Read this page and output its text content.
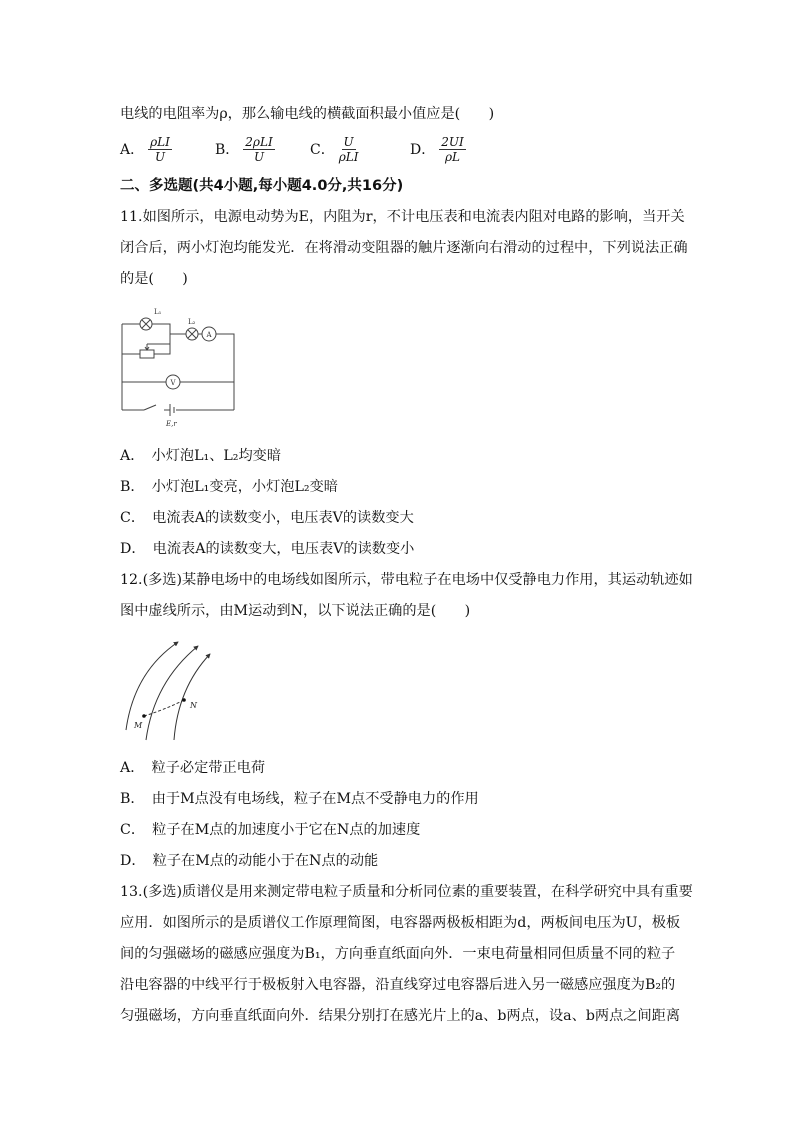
电线的电阻率为ρ，那么输电线的横截面积最小值应是(　　)
A． $\frac{\text{ρLI}}{U}$	B． $\frac{\text{2ρLI}}{U}$	C． $\frac{U}{\text{ρLI}}$	D． $\frac{2UI}{\rho L}$
二、多选题(共4小题,每小题4.0分,共16分)
11.如图所示，电源电动势为E，内阻为r，不计电压表和电流表内阻对电路的影响，当开关
闭合后，两小灯泡均能发光．在将滑动变阻器的触片逐渐向右滑动的过程中，下列说法正确
的是(　　)
L₁
L₂
A
V
E,r
A．　小灯泡L₁、L₂均变暗
B．　小灯泡L₁变亮，小灯泡L₂变暗
C．　电流表A的读数变小，电压表V的读数变大
D．　电流表A的读数变大，电压表V的读数变小
12.(多选)某静电场中的电场线如图所示，带电粒子在电场中仅受静电力作用，其运动轨迹如
图中虚线所示，由M运动到N，以下说法正确的是(　　)
M
N
A．　粒子必定带正电荷
B．　由于M点没有电场线，粒子在M点不受静电力的作用
C．　粒子在M点的加速度小于它在N点的加速度
D．　粒子在M点的动能小于在N点的动能
13.(多选)质谱仪是用来测定带电粒子质量和分析同位素的重要装置，在科学研究中具有重要
应用．如图所示的是质谱仪工作原理简图，电容器两极板相距为d，两板间电压为U，极板
间的匀强磁场的磁感应强度为B₁，方向垂直纸面向外．一束电荷量相同但质量不同的粒子
沿电容器的中线平行于极板射入电容器，沿直线穿过电容器后进入另一磁感应强度为B₂的
匀强磁场，方向垂直纸面向外．结果分别打在感光片上的a、b两点，设a、b两点之间距离
